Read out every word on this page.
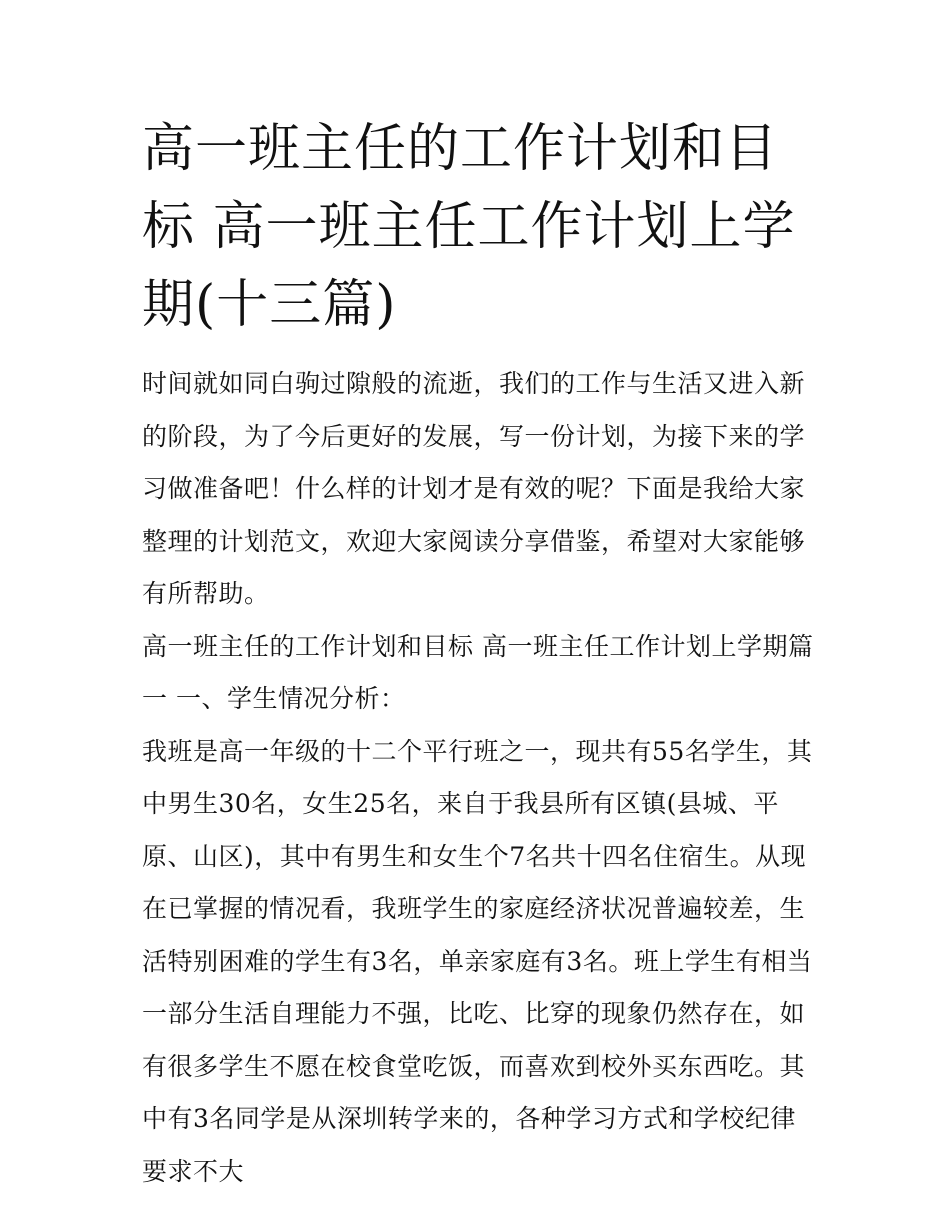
高一班主任的工作计划和目标 高一班主任工作计划上学期(十三篇)

时间就如同白驹过隙般的流逝，我们的工作与生活又进入新的阶段，为了今后更好的发展，写一份计划，为接下来的学习做准备吧！什么样的计划才是有效的呢？下面是我给大家整理的计划范文，欢迎大家阅读分享借鉴，希望对大家能够有所帮助。

高一班主任的工作计划和目标 高一班主任工作计划上学期篇一 一、学生情况分析：

我班是高一年级的十二个平行班之一，现共有55名学生，其中男生30名，女生25名，来自于我县所有区镇(县城、平原、山区)，其中有男生和女生个7名共十四名住宿生。从现在已掌握的情况看，我班学生的家庭经济状况普遍较差，生活特别困难的学生有3名，单亲家庭有3名。班上学生有相当一部分生活自理能力不强，比吃、比穿的现象仍然存在，如有很多学生不愿在校食堂吃饭，而喜欢到校外买东西吃。其中有3名同学是从深圳转学来的，各种学习方式和学校纪律要求不大
